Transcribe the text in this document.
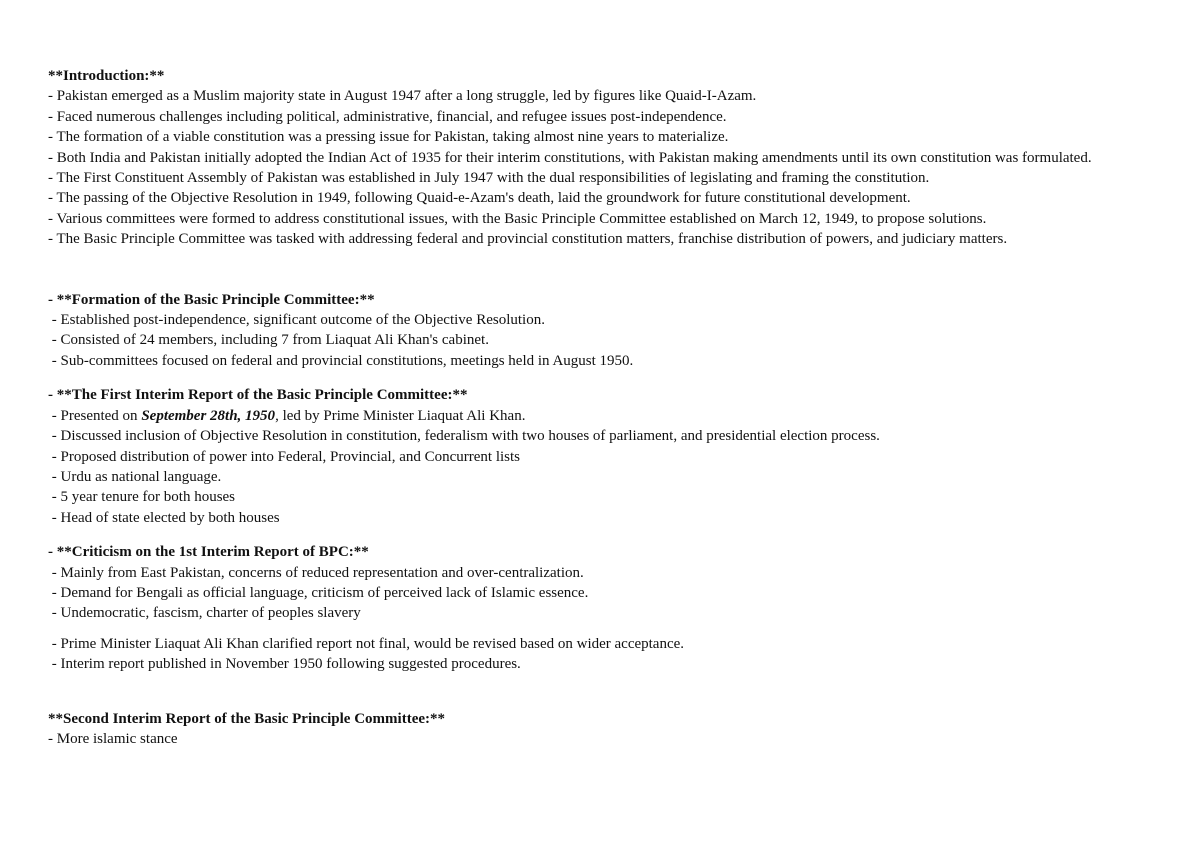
**Introduction:**

- Pakistan emerged as a Muslim majority state in August 1947 after a long struggle, led by figures like Quaid-I-Azam.

- Faced numerous challenges including political, administrative, financial, and refugee issues post-independence.

- The formation of a viable constitution was a pressing issue for Pakistan, taking almost nine years to materialize.

- Both India and Pakistan initially adopted the Indian Act of 1935 for their interim constitutions, with Pakistan making amendments until its own constitution was formulated.

- The First Constituent Assembly of Pakistan was established in July 1947 with the dual responsibilities of legislating and framing the constitution.

- The passing of the Objective Resolution in 1949, following Quaid-e-Azam's death, laid the groundwork for future constitutional development.

- Various committees were formed to address constitutional issues, with the Basic Principle Committee established on March 12, 1949, to propose solutions.

- The Basic Principle Committee was tasked with addressing federal and provincial constitution matters, franchise distribution of powers, and judiciary matters.

- **Formation of the Basic Principle Committee:**

- Established post-independence, significant outcome of the Objective Resolution.

- Consisted of 24 members, including 7 from Liaquat Ali Khan's cabinet.

- Sub-committees focused on federal and provincial constitutions, meetings held in August 1950.

- **The First Interim Report of the Basic Principle Committee:**

- Presented on September 28th, 1950, led by Prime Minister Liaquat Ali Khan.

- Discussed inclusion of Objective Resolution in constitution, federalism with two houses of parliament, and presidential election process.

- Proposed distribution of power into Federal, Provincial, and Concurrent lists

- Urdu as national language.

- 5 year tenure for both houses

- Head of state elected by both houses

- **Criticism on the 1st Interim Report of BPC:**

- Mainly from East Pakistan, concerns of reduced representation and over-centralization.

- Demand for Bengali as official language, criticism of perceived lack of Islamic essence.

- Undemocratic, fascism, charter of peoples slavery

- Prime Minister Liaquat Ali Khan clarified report not final, would be revised based on wider acceptance.

- Interim report published in November 1950 following suggested procedures.

**Second Interim Report of the Basic Principle Committee:**

- More islamic stance
